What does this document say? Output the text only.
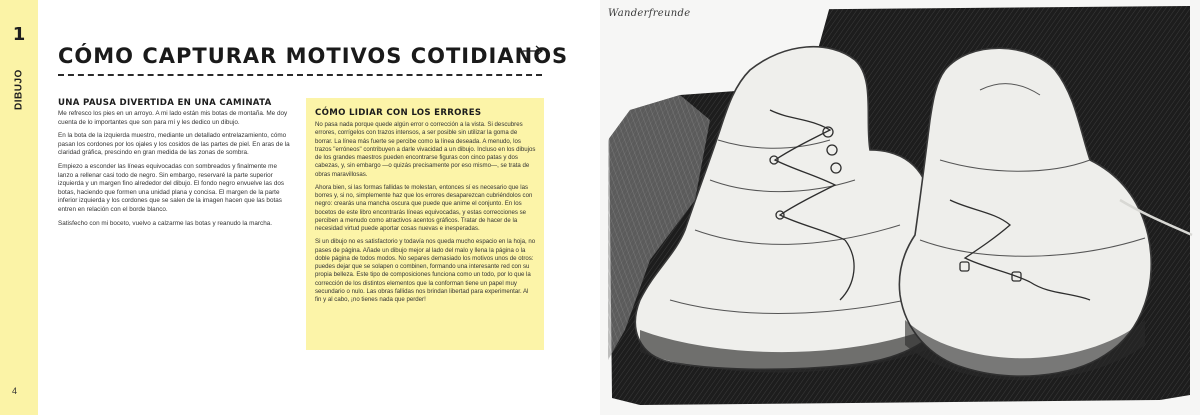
1
DIBUJO
4
CÓMO CAPTURAR MOTIVOS COTIDIANOS
UNA PAUSA DIVERTIDA EN UNA CAMINATA

Me refresco los pies en un arroyo. A mi lado están mis botas de montaña. Me doy cuenta de lo importantes que son para mí y les dedico un dibujo.

En la bota de la izquierda muestro, mediante un detallado entrelazamiento, cómo pasan los cordones por los ojales y los cosidos de las partes de piel. En aras de la claridad gráfica, prescindo en gran medida de las zonas de sombra.

Empiezo a esconder las líneas equivocadas con sombreados y finalmente me lanzo a rellenar casi todo de negro. Sin embargo, reservaré la parte superior izquierda y un margen fino alrededor del dibujo. El fondo negro envuelve las dos botas, haciendo que formen una unidad plana y concisa. El margen de la parte inferior izquierda y los cordones que se salen de la imagen hacen que las botas entren en relación con el borde blanco.

Satisfecho con mi boceto, vuelvo a calzarme las botas y reanudo la marcha.

CÓMO LIDIAR CON LOS ERRORES

No pasa nada porque quede algún error o corrección a la vista. Si descubres errores, corrígelos con trazos intensos, a ser posible sin utilizar la goma de borrar. La línea más fuerte se percibe como la línea deseada. A menudo, los trazos "erróneos" contribuyen a darle vivacidad a un dibujo. Incluso en los dibujos de los grandes maestros pueden encontrarse figuras con cinco patas y dos cabezas, y, sin embargo —o quizás precisamente por eso mismo—, se trata de obras maravillosas.

Ahora bien, si las formas fallidas te molestan, entonces sí es necesario que las borres y, si no, simplemente haz que los errores desaparezcan cubriéndolos con negro: crearás una mancha oscura que puede que anime el conjunto. En los bocetos de este libro encontrarás líneas equivocadas, y estas correcciones se perciben a menudo como atractivos acentos gráficos. Tratar de hacer de la necesidad virtud puede aportar cosas nuevas e inesperadas.

Si un dibujo no es satisfactorio y todavía nos queda mucho espacio en la hoja, no pases de página. Añade un dibujo mejor al lado del malo y llena la página o la doble página de todos modos. No separes demasiado los motivos unos de otros: puedes dejar que se solapen o combinen, formando una interesante red con su propia belleza. Este tipo de composiciones funciona como un todo, por lo que la corrección de los distintos elementos que la conforman tiene un papel muy secundario o nulo. Las obras fallidas nos brindan libertad para experimentar. Al fin y al cabo, ¡no tienes nada que perder!

Wanderfreunde
